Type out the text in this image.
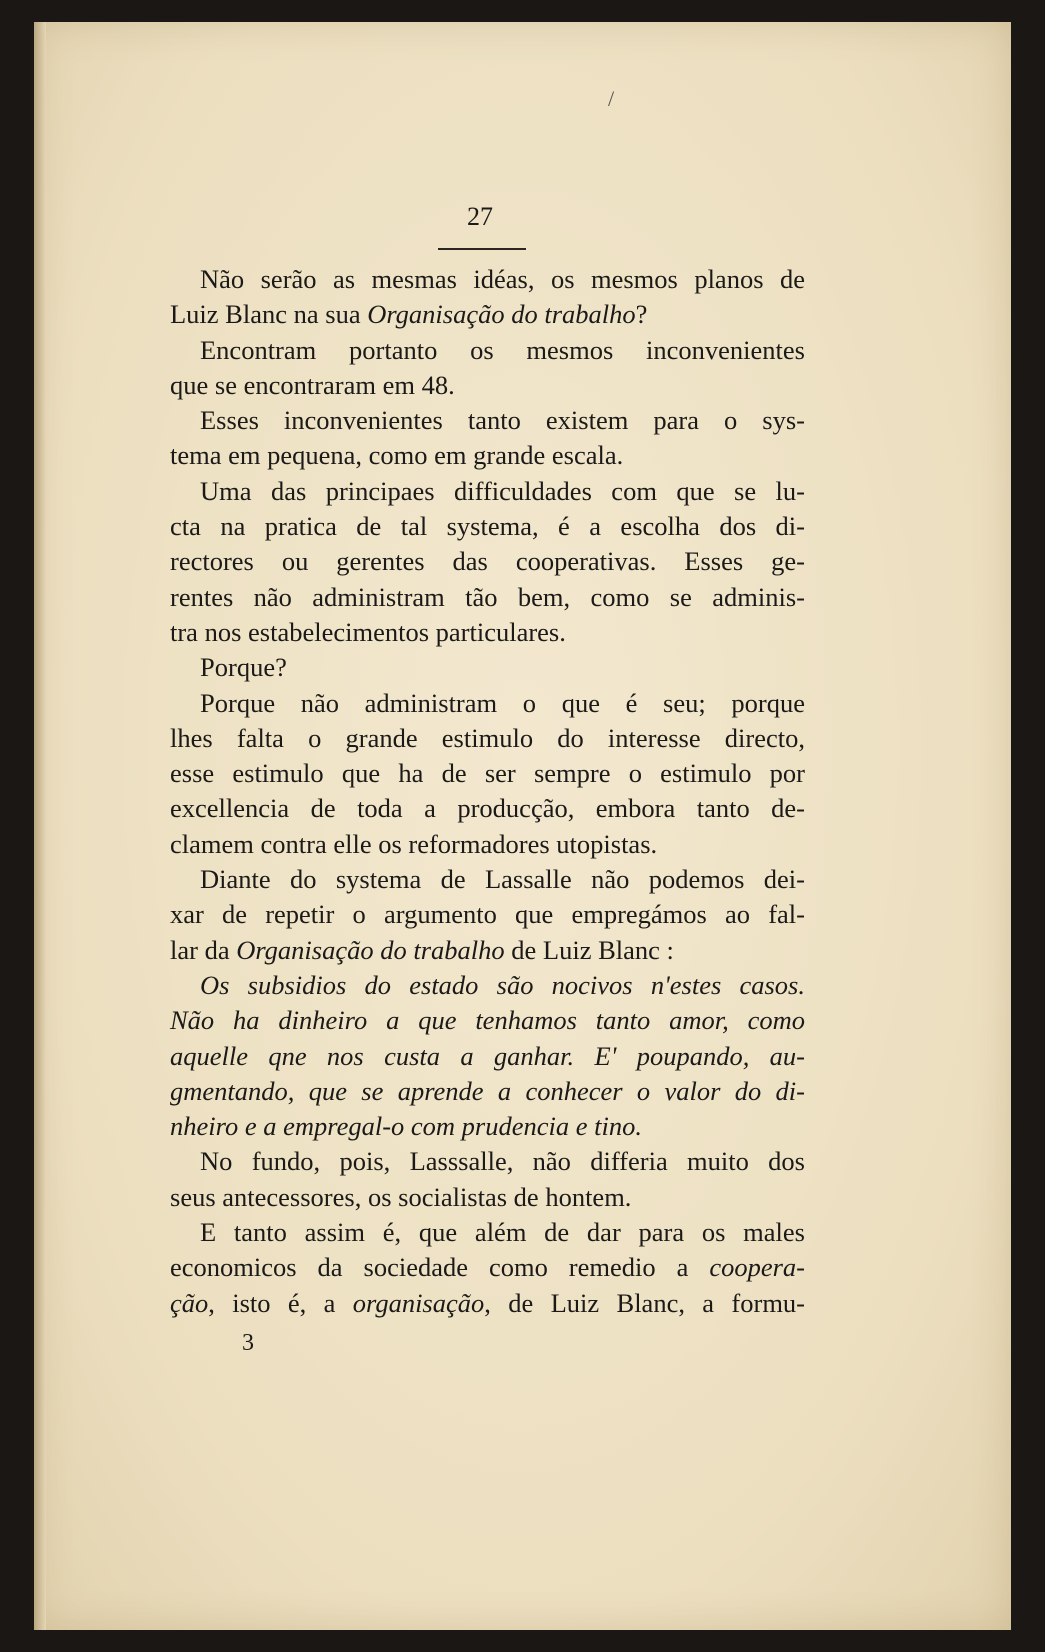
/
27
Não serão as mesmas idéas, os mesmos planos de
Luiz Blanc na sua Organisação do trabalho?
Encontram portanto os mesmos inconvenientes
que se encontraram em 48.
Esses inconvenientes tanto existem para o sys-
tema em pequena, como em grande escala.
Uma das principaes difficuldades com que se lu-
cta na pratica de tal systema, é a escolha dos di-
rectores ou gerentes das cooperativas. Esses ge-
rentes não administram tão bem, como se adminis-
tra nos estabelecimentos particulares.
Porque?
Porque não administram o que é seu; porque
lhes falta o grande estimulo do interesse directo,
esse estimulo que ha de ser sempre o estimulo por
excellencia de toda a producção, embora tanto de-
clamem contra elle os reformadores utopistas.
Diante do systema de Lassalle não podemos dei-
xar de repetir o argumento que empregámos ao fal-
lar da Organisação do trabalho de Luiz Blanc :
Os subsidios do estado são nocivos n'estes casos.
Não ha dinheiro a que tenhamos tanto amor, como
aquelle qne nos custa a ganhar. E' poupando, au-
gmentando, que se aprende a conhecer o valor do di-
nheiro e a empregal-o com prudencia e tino.
No fundo, pois, Lasssalle, não differia muito dos
seus antecessores, os socialistas de hontem.
E tanto assim é, que além de dar para os males
economicos da sociedade como remedio a coopera-
ção, isto é, a organisação, de Luiz Blanc, a formu-
3
